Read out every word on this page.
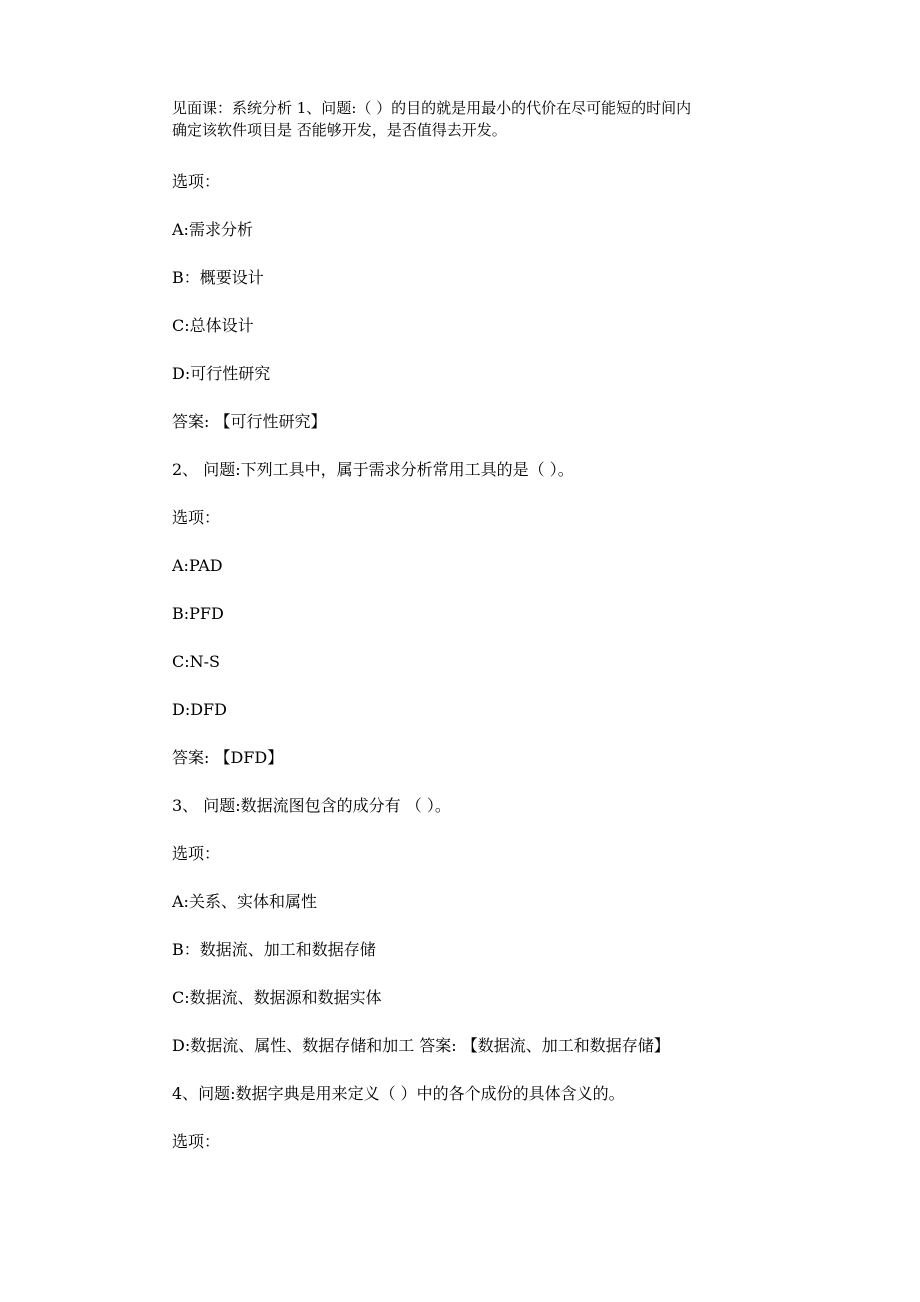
见面课：系统分析 1、问题:（ ）的目的就是用最小的代价在尽可能短的时间内

确定该软件项目是 否能够开发，是否值得去开发。

选项：
A:需求分析
B：概要设计
C:总体设计
D:可行性研究
答案: 【可行性研究】
2、 问题:下列工具中，属于需求分析常用工具的是（ ）。
选项：
A:PAD
B:PFD
C:N-S
D:DFD
答案: 【DFD】
3、 问题:数据流图包含的成分有 （ ）。
选项：
A:关系、实体和属性
B：数据流、加工和数据存储
C:数据流、数据源和数据实体
D:数据流、属性、数据存储和加工 答案: 【数据流、加工和数据存储】
4、问题:数据字典是用来定义（ ）中的各个成份的具体含义的。
选项：
